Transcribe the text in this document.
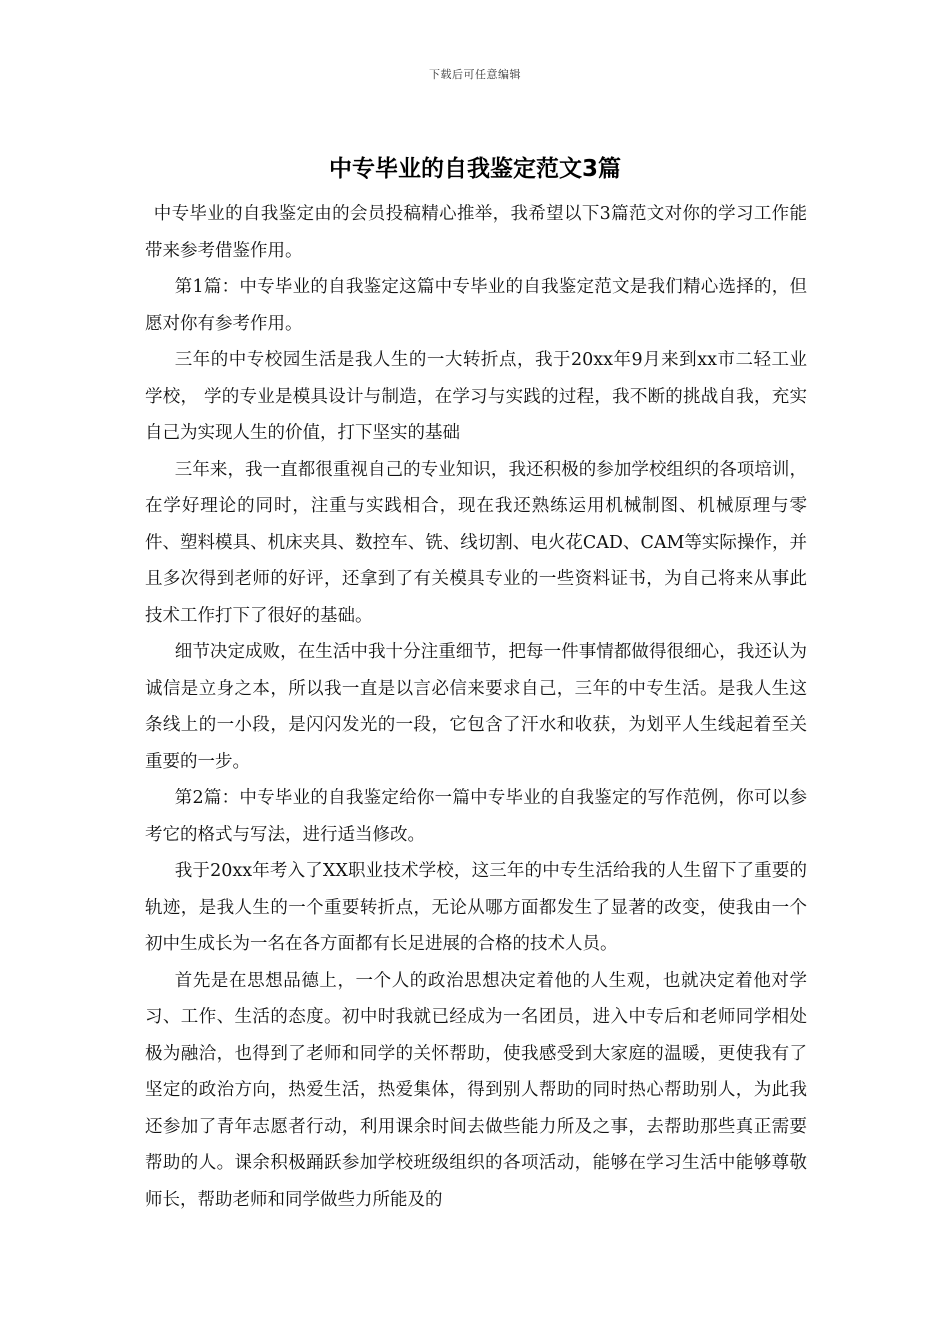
下载后可任意编辑
中专毕业的自我鉴定范文3篇

中专毕业的自我鉴定由的会员投稿精心推举，我希望以下3篇范文对你的学习工作能带来参考借鉴作用。

第1篇：中专毕业的自我鉴定这篇中专毕业的自我鉴定范文是我们精心选择的，但愿对你有参考作用。

三年的中专校园生活是我人生的一大转折点，我于20xx年9月来到xx市二轻工业学校， 学的专业是模具设计与制造，在学习与实践的过程，我不断的挑战自我，充实自己为实现人生的价值，打下坚实的基础

三年来，我一直都很重视自己的专业知识，我还积极的参加学校组织的各项培训，在学好理论的同时，注重与实践相合，现在我还熟练运用机械制图、机械原理与零件、塑料模具、机床夹具、数控车、铣、线切割、电火花CAD、CAM等实际操作，并且多次得到老师的好评，还拿到了有关模具专业的一些资料证书，为自己将来从事此技术工作打下了很好的基础。

细节决定成败，在生活中我十分注重细节，把每一件事情都做得很细心，我还认为诚信是立身之本，所以我一直是以言必信来要求自己，三年的中专生活。是我人生这条线上的一小段，是闪闪发光的一段，它包含了汗水和收获，为划平人生线起着至关重要的一步。

第2篇：中专毕业的自我鉴定给你一篇中专毕业的自我鉴定的写作范例，你可以参考它的格式与写法，进行适当修改。

我于20xx年考入了XX职业技术学校，这三年的中专生活给我的人生留下了重要的轨迹，是我人生的一个重要转折点，无论从哪方面都发生了显著的改变，使我由一个初中生成长为一名在各方面都有长足进展的合格的技术人员。

首先是在思想品德上，一个人的政治思想决定着他的人生观，也就决定着他对学习、工作、生活的态度。初中时我就已经成为一名团员，进入中专后和老师同学相处极为融洽，也得到了老师和同学的关怀帮助，使我感受到大家庭的温暖，更使我有了坚定的政治方向，热爱生活，热爱集体，得到别人帮助的同时热心帮助别人，为此我还参加了青年志愿者行动，利用课余时间去做些能力所及之事，去帮助那些真正需要帮助的人。课余积极踊跃参加学校班级组织的各项活动，能够在学习生活中能够尊敬师长，帮助老师和同学做些力所能及的
